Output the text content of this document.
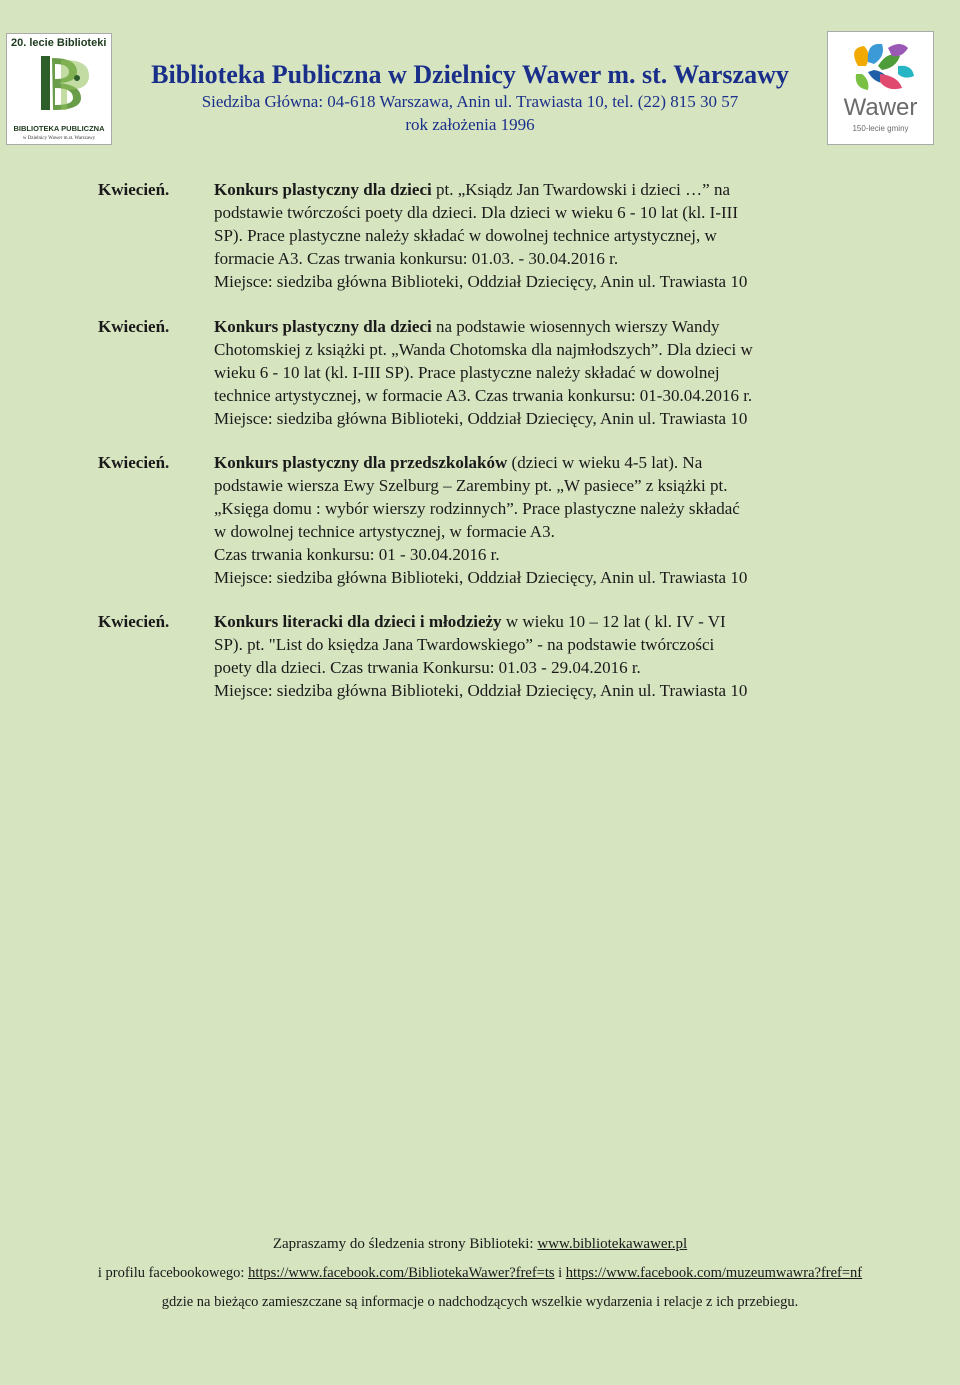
20. lecie Biblioteki
BIBLIOTEKA PUBLICZNA
w Dzielnicy Wawer m.st. Warszawy
Biblioteka Publiczna w Dzielnicy Wawer m. st. Warszawy
Siedziba Główna: 04-618 Warszawa, Anin ul. Trawiasta 10, tel. (22) 815 30 57
rok założenia 1996
Wawer
150-lecie gminy
Kwiecień.	Konkurs plastyczny dla dzieci pt. „Ksiądz Jan Twardowski i dzieci …” na
podstawie twórczości poety dla dzieci. Dla dzieci w wieku 6 - 10 lat (kl. I-III
SP). Prace plastyczne należy składać w dowolnej technice artystycznej, w
formacie A3. Czas trwania konkursu: 01.03. - 30.04.2016 r.
Miejsce: siedziba główna Biblioteki, Oddział Dziecięcy, Anin ul. Trawiasta 10
Kwiecień.	Konkurs plastyczny dla dzieci na podstawie wiosennych wierszy Wandy
Chotomskiej z książki pt. „Wanda Chotomska dla najmłodszych”. Dla dzieci w
wieku 6 - 10 lat (kl. I-III SP). Prace plastyczne należy składać w dowolnej
technice artystycznej, w formacie A3. Czas trwania konkursu: 01-30.04.2016 r.
Miejsce: siedziba główna Biblioteki, Oddział Dziecięcy, Anin ul. Trawiasta 10
Kwiecień.	Konkurs plastyczny dla przedszkolaków (dzieci w wieku 4-5 lat). Na
podstawie wiersza Ewy Szelburg – Zarembiny pt. „W pasiece” z książki pt.
„Księga domu : wybór wierszy rodzinnych”. Prace plastyczne należy składać
w dowolnej technice artystycznej, w formacie A3.
Czas trwania konkursu: 01 - 30.04.2016 r.
Miejsce: siedziba główna Biblioteki, Oddział Dziecięcy, Anin ul. Trawiasta 10
Kwiecień.	Konkurs literacki dla dzieci i młodzieży w wieku 10 – 12 lat ( kl. IV - VI
SP). pt. "List do księdza Jana Twardowskiego” - na podstawie twórczości
poety dla dzieci. Czas trwania Konkursu: 01.03 - 29.04.2016 r.
Miejsce: siedziba główna Biblioteki, Oddział Dziecięcy, Anin ul. Trawiasta 10
Zapraszamy do śledzenia strony Biblioteki: www.bibliotekawawer.pl
i profilu facebookowego: https://www.facebook.com/BibliotekaWawer?fref=ts i https://www.facebook.com/muzeumwawra?fref=nf
gdzie na bieżąco zamieszczane są informacje o nadchodzących wszelkie wydarzenia i relacje z ich przebiegu.
